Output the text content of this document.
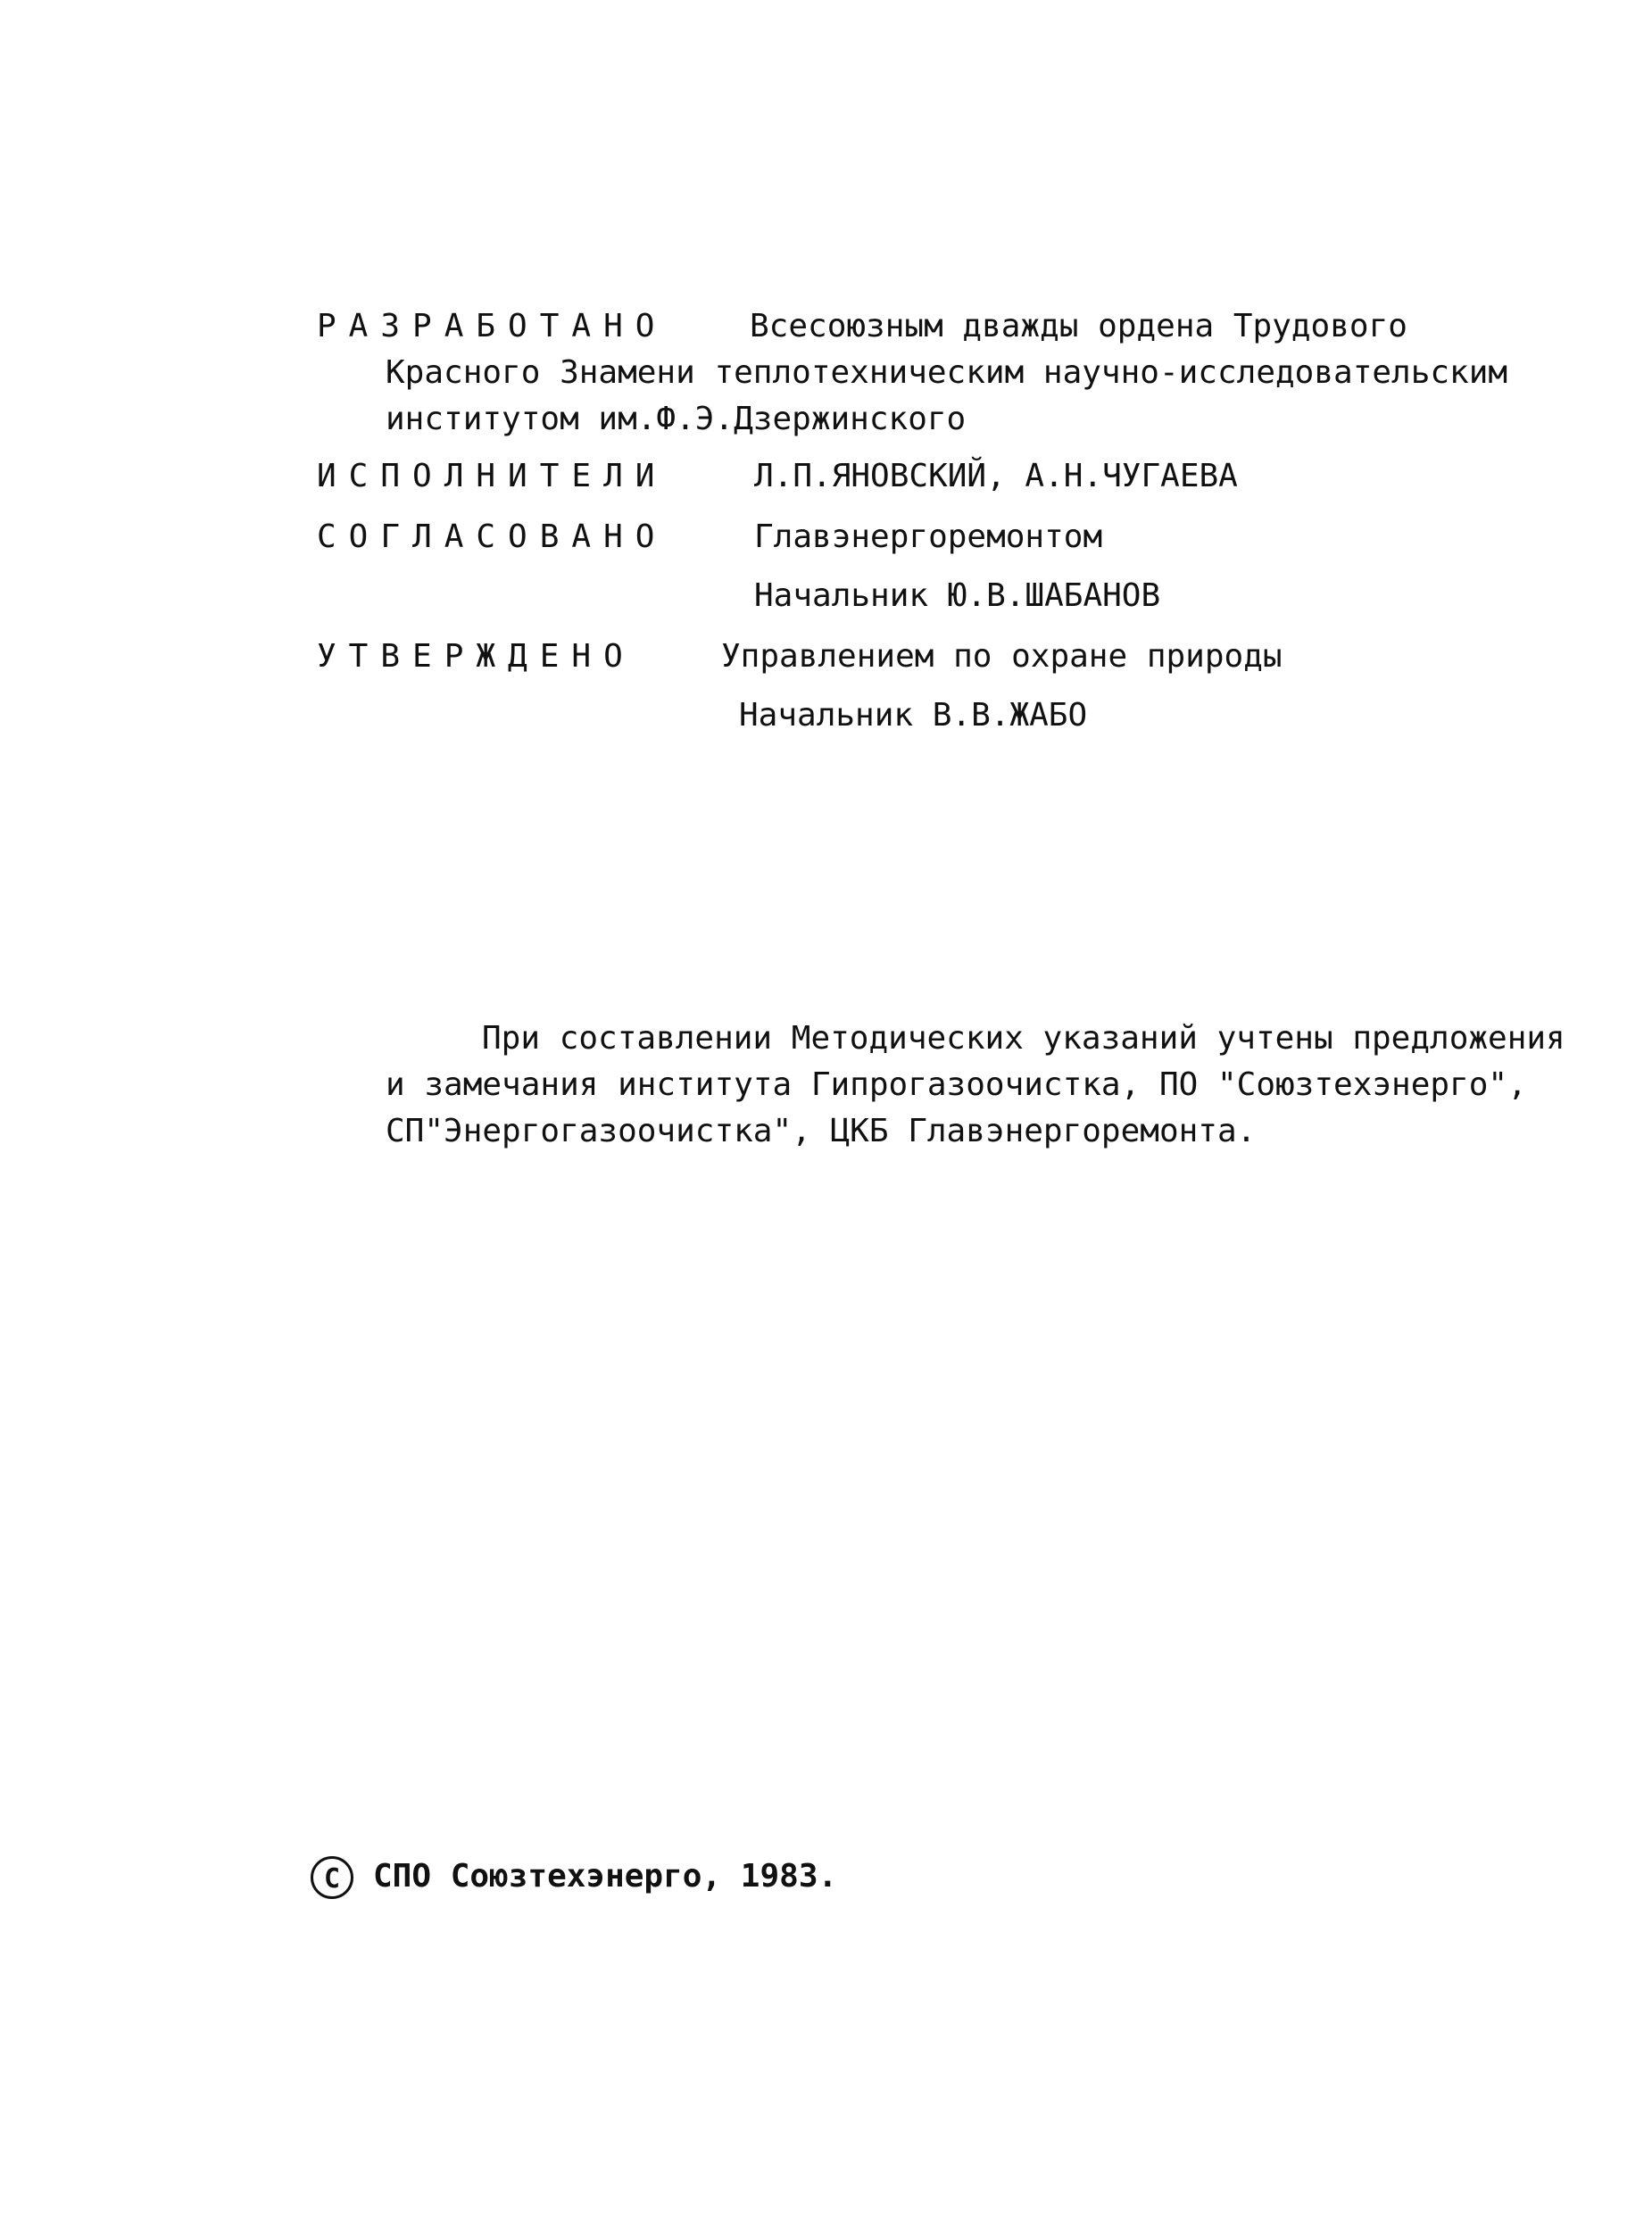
РАЗРАБОТАНО	Всесоюзным дважды ордена Трудового
Красного Знамени теплотехническим научно-исследовательским
институтом им.Ф.Э.Дзержинского
ИСПОЛНИТЕЛИ	Л.П.ЯНОВСКИЙ, А.Н.ЧУГАЕВА
СОГЛАСОВАНО	Главэнергоремонтом
Начальник Ю.В.ШАБАНОВ
УТВЕРЖДЕНО	Управлением по охране природы
Начальник В.В.ЖАБО
При составлении Методических указаний учтены предложения
и замечания института Гипрогазоочистка, ПО "Союзтехэнерго",
СП"Энергогазоочистка", ЦКБ Главэнергоремонта.
C СПО Союзтехэнерго, 1983.
